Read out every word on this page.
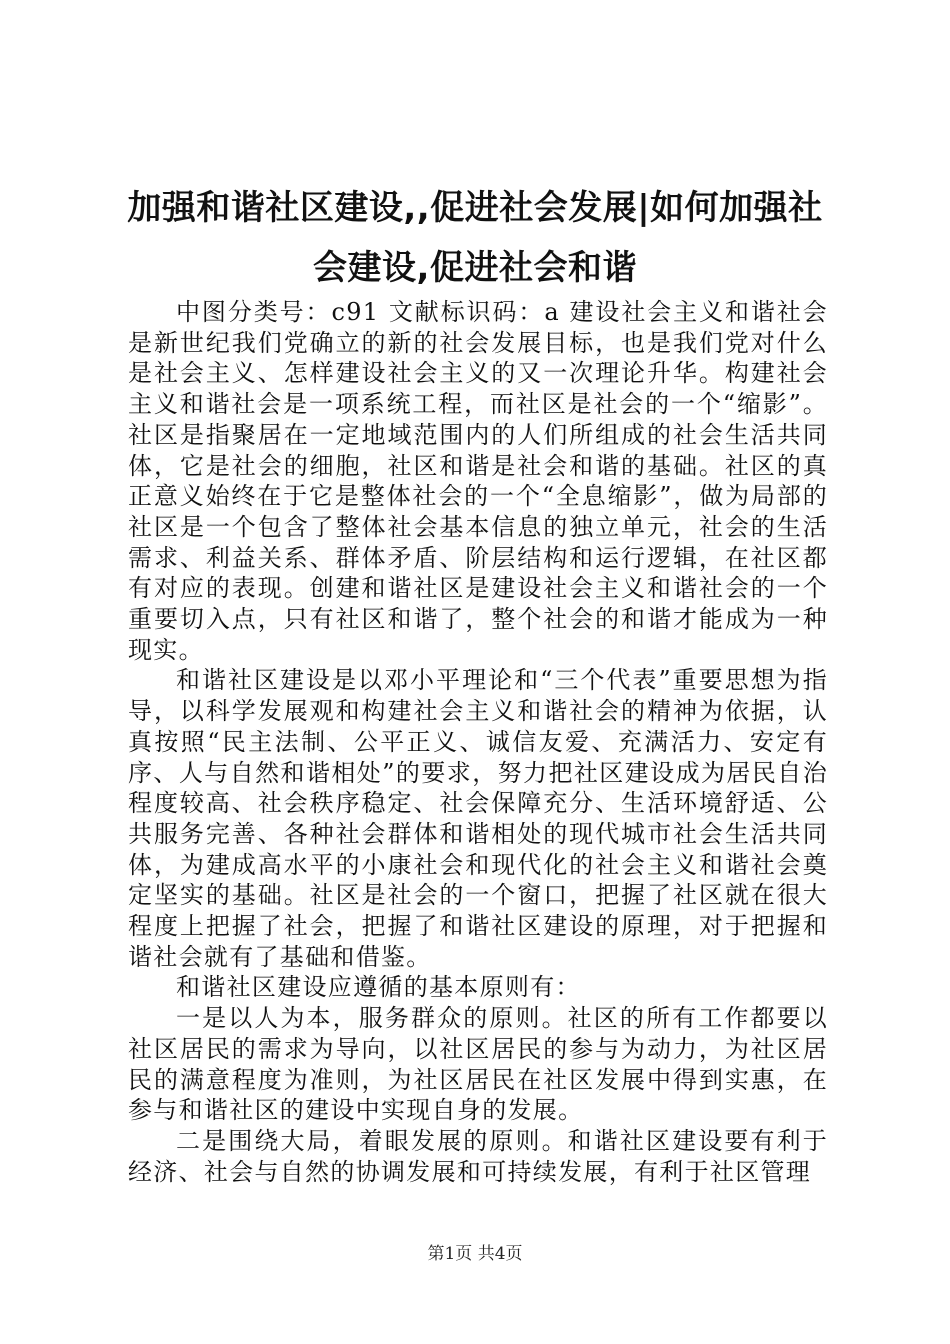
加强和谐社区建设,,促进社会发展|如何加强社会建设,促进社会和谐

中图分类号：c91 文献标识码：a 建设社会主义和谐社会是新世纪我们党确立的新的社会发展目标，也是我们党对什么是社会主义、怎样建设社会主义的又一次理论升华。构建社会主义和谐社会是一项系统工程，而社区是社会的一个“缩影”。社区是指聚居在一定地域范围内的人们所组成的社会生活共同体，它是社会的细胞，社区和谐是社会和谐的基础。社区的真正意义始终在于它是整体社会的一个“全息缩影”，做为局部的社区是一个包含了整体社会基本信息的独立单元，社会的生活需求、利益关系、群体矛盾、阶层结构和运行逻辑，在社区都有对应的表现。创建和谐社区是建设社会主义和谐社会的一个重要切入点，只有社区和谐了，整个社会的和谐才能成为一种现实。

和谐社区建设是以邓小平理论和“三个代表”重要思想为指导，以科学发展观和构建社会主义和谐社会的精神为依据，认真按照“民主法制、公平正义、诚信友爱、充满活力、安定有序、人与自然和谐相处”的要求，努力把社区建设成为居民自治程度较高、社会秩序稳定、社会保障充分、生活环境舒适、公共服务完善、各种社会群体和谐相处的现代城市社会生活共同体，为建成高水平的小康社会和现代化的社会主义和谐社会奠定坚实的基础。社区是社会的一个窗口，把握了社区就在很大程度上把握了社会，把握了和谐社区建设的原理，对于把握和谐社会就有了基础和借鉴。

和谐社区建设应遵循的基本原则有：

一是以人为本，服务群众的原则。社区的所有工作都要以社区居民的需求为导向，以社区居民的参与为动力，为社区居民的满意程度为准则，为社区居民在社区发展中得到实惠，在参与和谐社区的建设中实现自身的发展。

二是围绕大局，着眼发展的原则。和谐社区建设要有利于经济、社会与自然的协调发展和可持续发展，有利于社区管理

第1页 共4页
